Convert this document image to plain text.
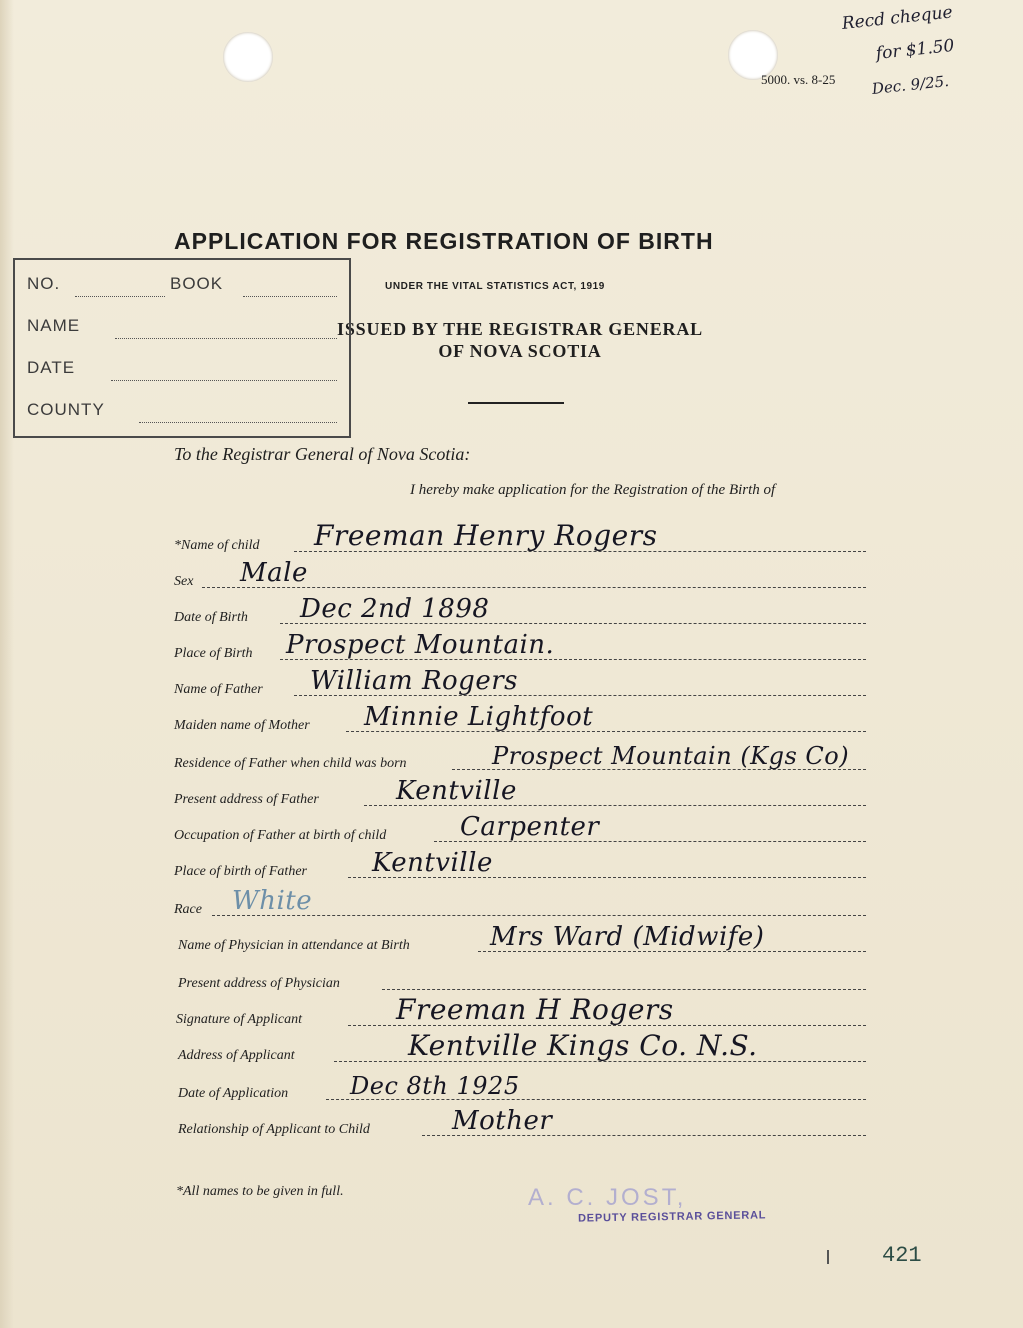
5000. vs. 8-25
Recd cheque
for $1.50
Dec. 9/25.
APPLICATION FOR REGISTRATION OF BIRTH
UNDER THE VITAL STATISTICS ACT, 1919
ISSUED BY THE REGISTRAR GENERAL
OF NOVA SCOTIA
NO.	BOOK
NAME
DATE
COUNTY
To the Registrar General of Nova Scotia:
I hereby make application for the Registration of the Birth of
*Name of child Freeman Henry Rogers
Sex Male
Date of Birth Dec 2nd 1898
Place of Birth Prospect Mountain.
Name of Father William Rogers
Maiden name of Mother Minnie Lightfoot
Residence of Father when child was born	Prospect Mountain (Kgs Co)
Present address of Father	Kentville
Occupation of Father at birth of child	Carpenter
Place of birth of Father	Kentville
Race White
Name of Physician in attendance at Birth	Mrs Ward (Midwife)
Present address of Physician
Signature of Applicant	Freeman H Rogers
Address of Applicant	Kentville Kings Co. N.S.
Date of Application	Dec 8th 1925
Relationship of Applicant to Child	Mother
*All names to be given in full.	A. C. JOST,
DEPUTY REGISTRAR GENERAL
421
